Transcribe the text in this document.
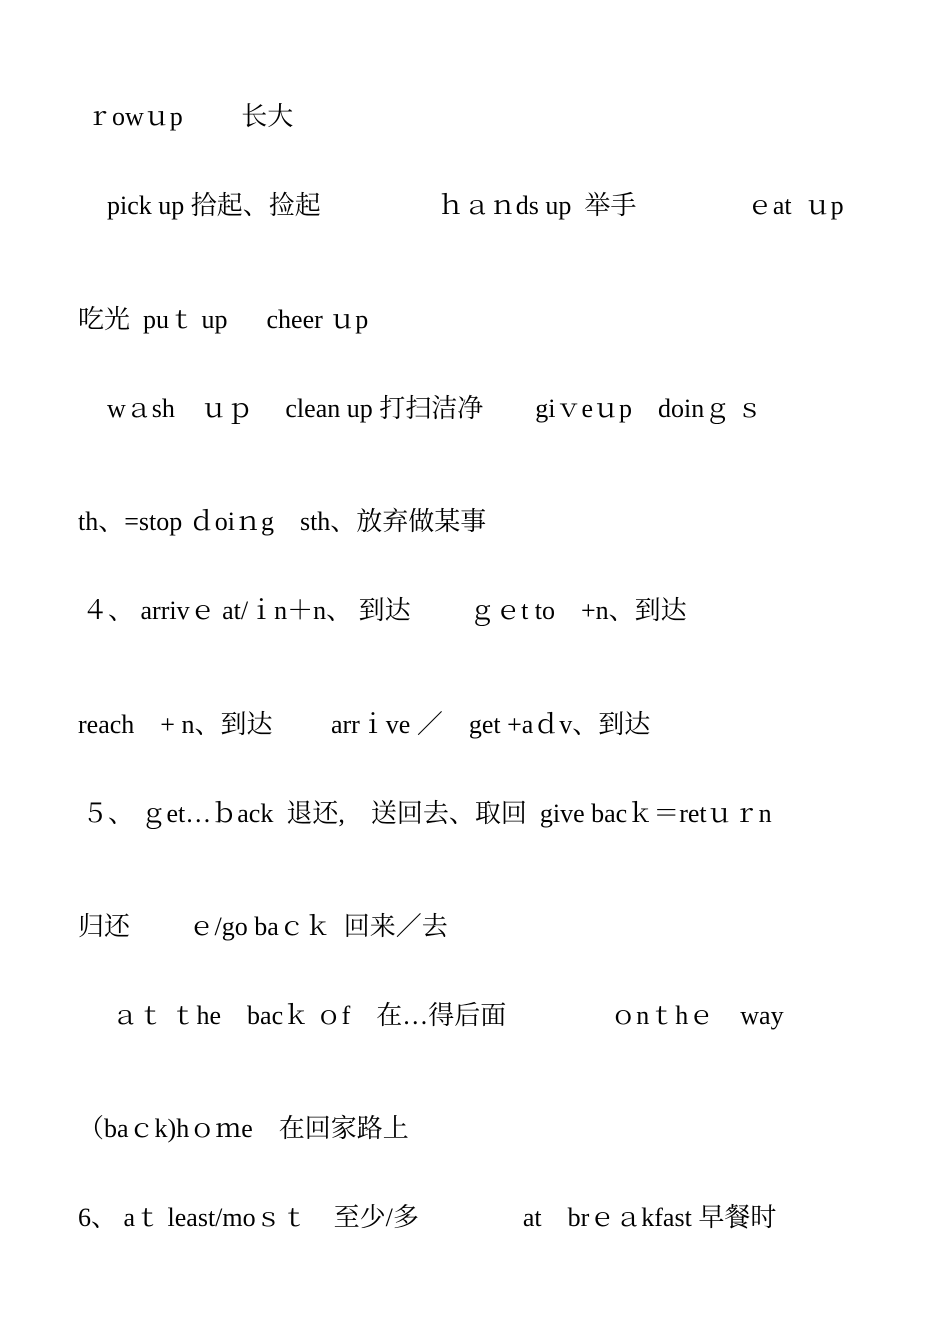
ｒowｕp　　 长大
pick up 拾起、捡起　　 　 　ｈａｎds up  举手　　 　　ｅat  ｕp
吃光  puｔ up　  cheer ｕp
wａsh　ｕｐ　 clean up 打扫洁净　　giｖeｕp　doinｇ ｓ
th、=stop ｄoiｎg　sth、放弃做某事
４、 arrivｅ at/ｉn＋n、 到达　　 ｇｅt to　+n、到达
reach　+ n、到达　　 arrｉve ／　get +aｄv、到达
５、 ｇet…ｂack  退还,　送回去、取回  give bacｋ＝retｕｒn
归还　　 ｅ/go baｃｋ  回来／去
ａｔ ｔhe　bacｋ ｏf　在…得后面　　　　ｏnｔhｅ　way
（baｃk)hｏｍe　在回家路上
6、 aｔ least/moｓｔ　至少/多　　　　at　brｅａkfast 早餐时
